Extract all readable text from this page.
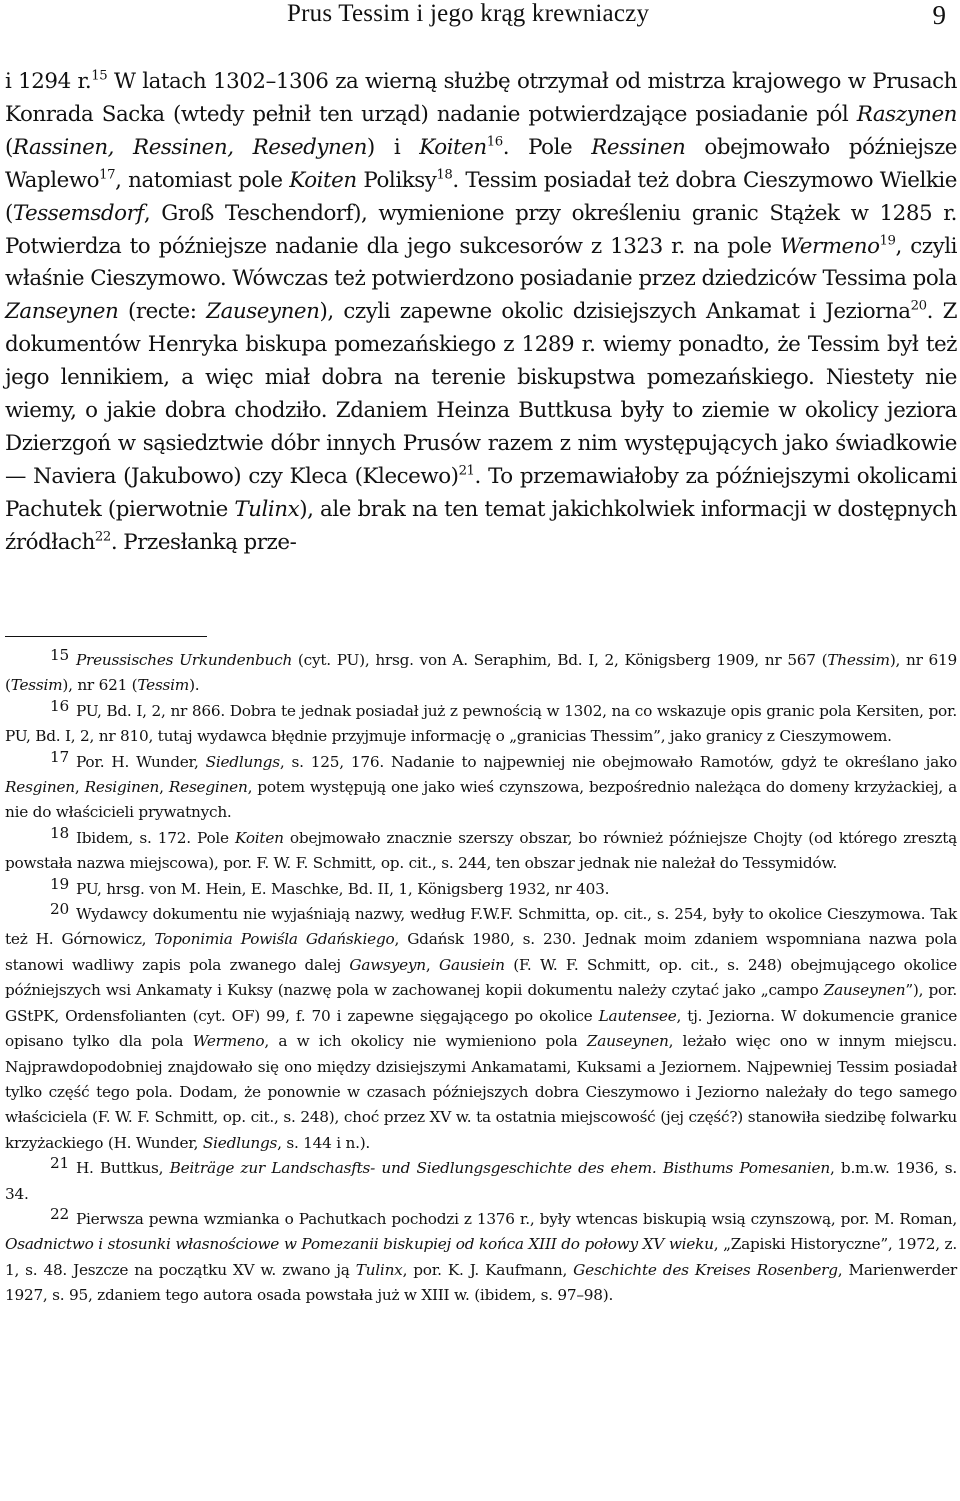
Prus Tessim i jego krąg krewniaczy	9
i 1294 r.$^{15}$ W latach 1302–1306 za wierną służbę otrzymał od mistrza krajowego w Prusach Konrada Sacka (wtedy pełnił ten urząd) nadanie potwierdzające posiadanie pól Raszynen (Rassinen, Ressinen, Resedynen) i Koiten$^{16}$. Pole Ressinen obejmowało późniejsze Waplewo$^{17}$, natomiast pole Koiten Poliksy$^{18}$. Tessim posiadał też dobra Cieszymowo Wielkie (Tessemsdorf, Groß Teschendorf), wymienione przy określeniu granic Stążek w 1285 r. Potwierdza to późniejsze nadanie dla jego sukcesorów z 1323 r. na pole Wermeno$^{19}$, czyli właśnie Cieszymowo. Wówczas też potwierdzono posiadanie przez dziedziców Tessima pola Zanseynen (recte: Zauseynen), czyli zapewne okolic dzisiejszych Ankamat i Jeziorna$^{20}$. Z dokumentów Henryka biskupa pomezańskiego z 1289 r. wiemy ponadto, że Tessim był też jego lennikiem, a więc miał dobra na terenie biskupstwa pomezańskiego. Niestety nie wiemy, o jakie dobra chodziło. Zdaniem Heinza Buttkusa były to ziemie w okolicy jeziora Dzierzgoń w sąsiedztwie dóbr innych Prusów razem z nim występujących jako świadkowie — Naviera (Jakubowo) czy Kleca (Klecewo)$^{21}$. To przemawiałoby za późniejszymi okolicami Pachutek (pierwotnie Tulinx), ale brak na ten temat jakichkolwiek informacji w dostępnych źródłach$^{22}$. Przesłanką prze-

15 Preussisches Urkundenbuch (cyt. PU), hrsg. von A. Seraphim, Bd. I, 2, Königsberg 1909, nr 567 (Thessim), nr 619 (Tessim), nr 621 (Tessim).

16 PU, Bd. I, 2, nr 866. Dobra te jednak posiadał już z pewnością w 1302, na co wskazuje opis granic pola Kersiten, por. PU, Bd. I, 2, nr 810, tutaj wydawca błędnie przyjmuje informację o „granicias Thessim”, jako granicy z Cieszymowem.

17 Por. H. Wunder, Siedlungs, s. 125, 176. Nadanie to najpewniej nie obejmowało Ramotów, gdyż te określano jako Resginen, Resiginen, Reseginen, potem występują one jako wieś czynszowa, bezpośrednio należąca do domeny krzyżackiej, a nie do właścicieli prywatnych.

18 Ibidem, s. 172. Pole Koiten obejmowało znacznie szerszy obszar, bo również późniejsze Chojty (od którego zresztą powstała nazwa miejscowa), por. F. W. F. Schmitt, op. cit., s. 244, ten obszar jednak nie należał do Tessymidów.

19 PU, hrsg. von M. Hein, E. Maschke, Bd. II, 1, Königsberg 1932, nr 403.

20 Wydawcy dokumentu nie wyjaśniają nazwy, według F.W.F. Schmitta, op. cit., s. 254, były to okolice Cieszymowa. Tak też H. Górnowicz, Toponimia Powiśla Gdańskiego, Gdańsk 1980, s. 230. Jednak moim zdaniem wspomniana nazwa pola stanowi wadliwy zapis pola zwanego dalej Gawsyeyn, Gausiein (F. W. F. Schmitt, op. cit., s. 248) obejmującego okolice późniejszych wsi Ankamaty i Kuksy (nazwę pola w zachowanej kopii dokumentu należy czytać jako „campo Zauseynen”), por. GStPK, Ordensfolianten (cyt. OF) 99, f. 70 i zapewne sięgającego po okolice Lautensee, tj. Jeziorna. W dokumencie granice opisano tylko dla pola Wermeno, a w ich okolicy nie wymieniono pola Zauseynen, leżało więc ono w innym miejscu. Najprawdopodobniej znajdowało się ono między dzisiejszymi Ankamatami, Kuksami a Jeziornem. Najpewniej Tessim posiadał tylko część tego pola. Dodam, że ponownie w czasach późniejszych dobra Cieszymowo i Jeziorno należały do tego samego właściciela (F. W. F. Schmitt, op. cit., s. 248), choć przez XV w. ta ostatnia miejscowość (jej część?) stanowiła siedzibę folwarku krzyżackiego (H. Wunder, Siedlungs, s. 144 i n.).

21 H. Buttkus, Beiträge zur Landschasfts- und Siedlungsgeschichte des ehem. Bisthums Pomesanien, b.m.w. 1936, s. 34.

22 Pierwsza pewna wzmianka o Pachutkach pochodzi z 1376 r., były wtencas biskupią wsią czynszową, por. M. Roman, Osadnictwo i stosunki własnościowe w Pomezanii biskupiej od końca XIII do połowy XV wieku, „Zapiski Historyczne”, 1972, z. 1, s. 48. Jeszcze na początku XV w. zwano ją Tulinx, por. K. J. Kaufmann, Geschichte des Kreises Rosenberg, Marienwerder 1927, s. 95, zdaniem tego autora osada powstała już w XIII w. (ibidem, s. 97–98).
